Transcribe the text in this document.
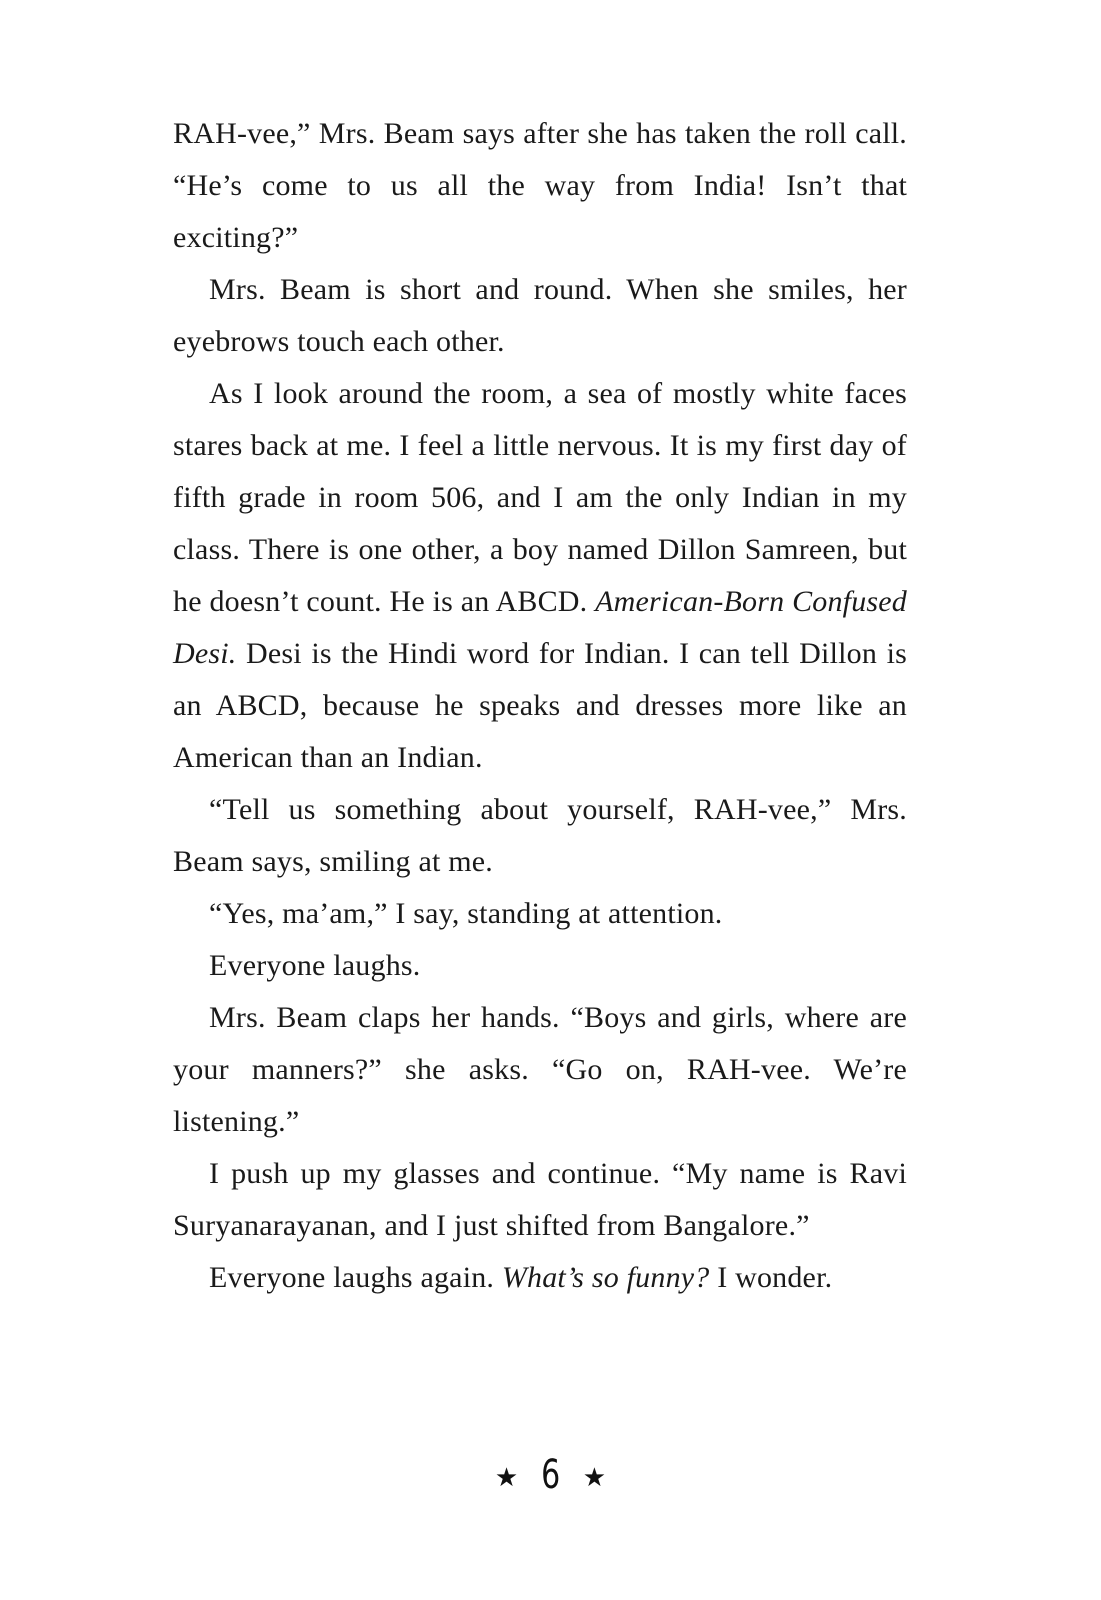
RAH-vee,” Mrs. Beam says after she has taken the roll call. “He’s come to us all the way from India! Isn’t that exciting?”

Mrs. Beam is short and round. When she smiles, her eyebrows touch each other.

As I look around the room, a sea of mostly white faces stares back at me. I feel a little nervous. It is my first day of fifth grade in room 506, and I am the only Indian in my class. There is one other, a boy named Dillon Samreen, but he doesn’t count. He is an ABCD. American-Born Confused Desi. Desi is the Hindi word for Indian. I can tell Dillon is an ABCD, because he speaks and dresses more like an American than an Indian.

“Tell us something about yourself, RAH-vee,” Mrs. Beam says, smiling at me.

“Yes, ma’am,” I say, standing at attention.

Everyone laughs.

Mrs. Beam claps her hands. “Boys and girls, where are your manners?” she asks. “Go on, RAH-vee. We’re listening.”

I push up my glasses and continue. “My name is Ravi Suryanarayanan, and I just shifted from Bangalore.”

Everyone laughs again. What’s so funny? I wonder.

★ 6 ★
